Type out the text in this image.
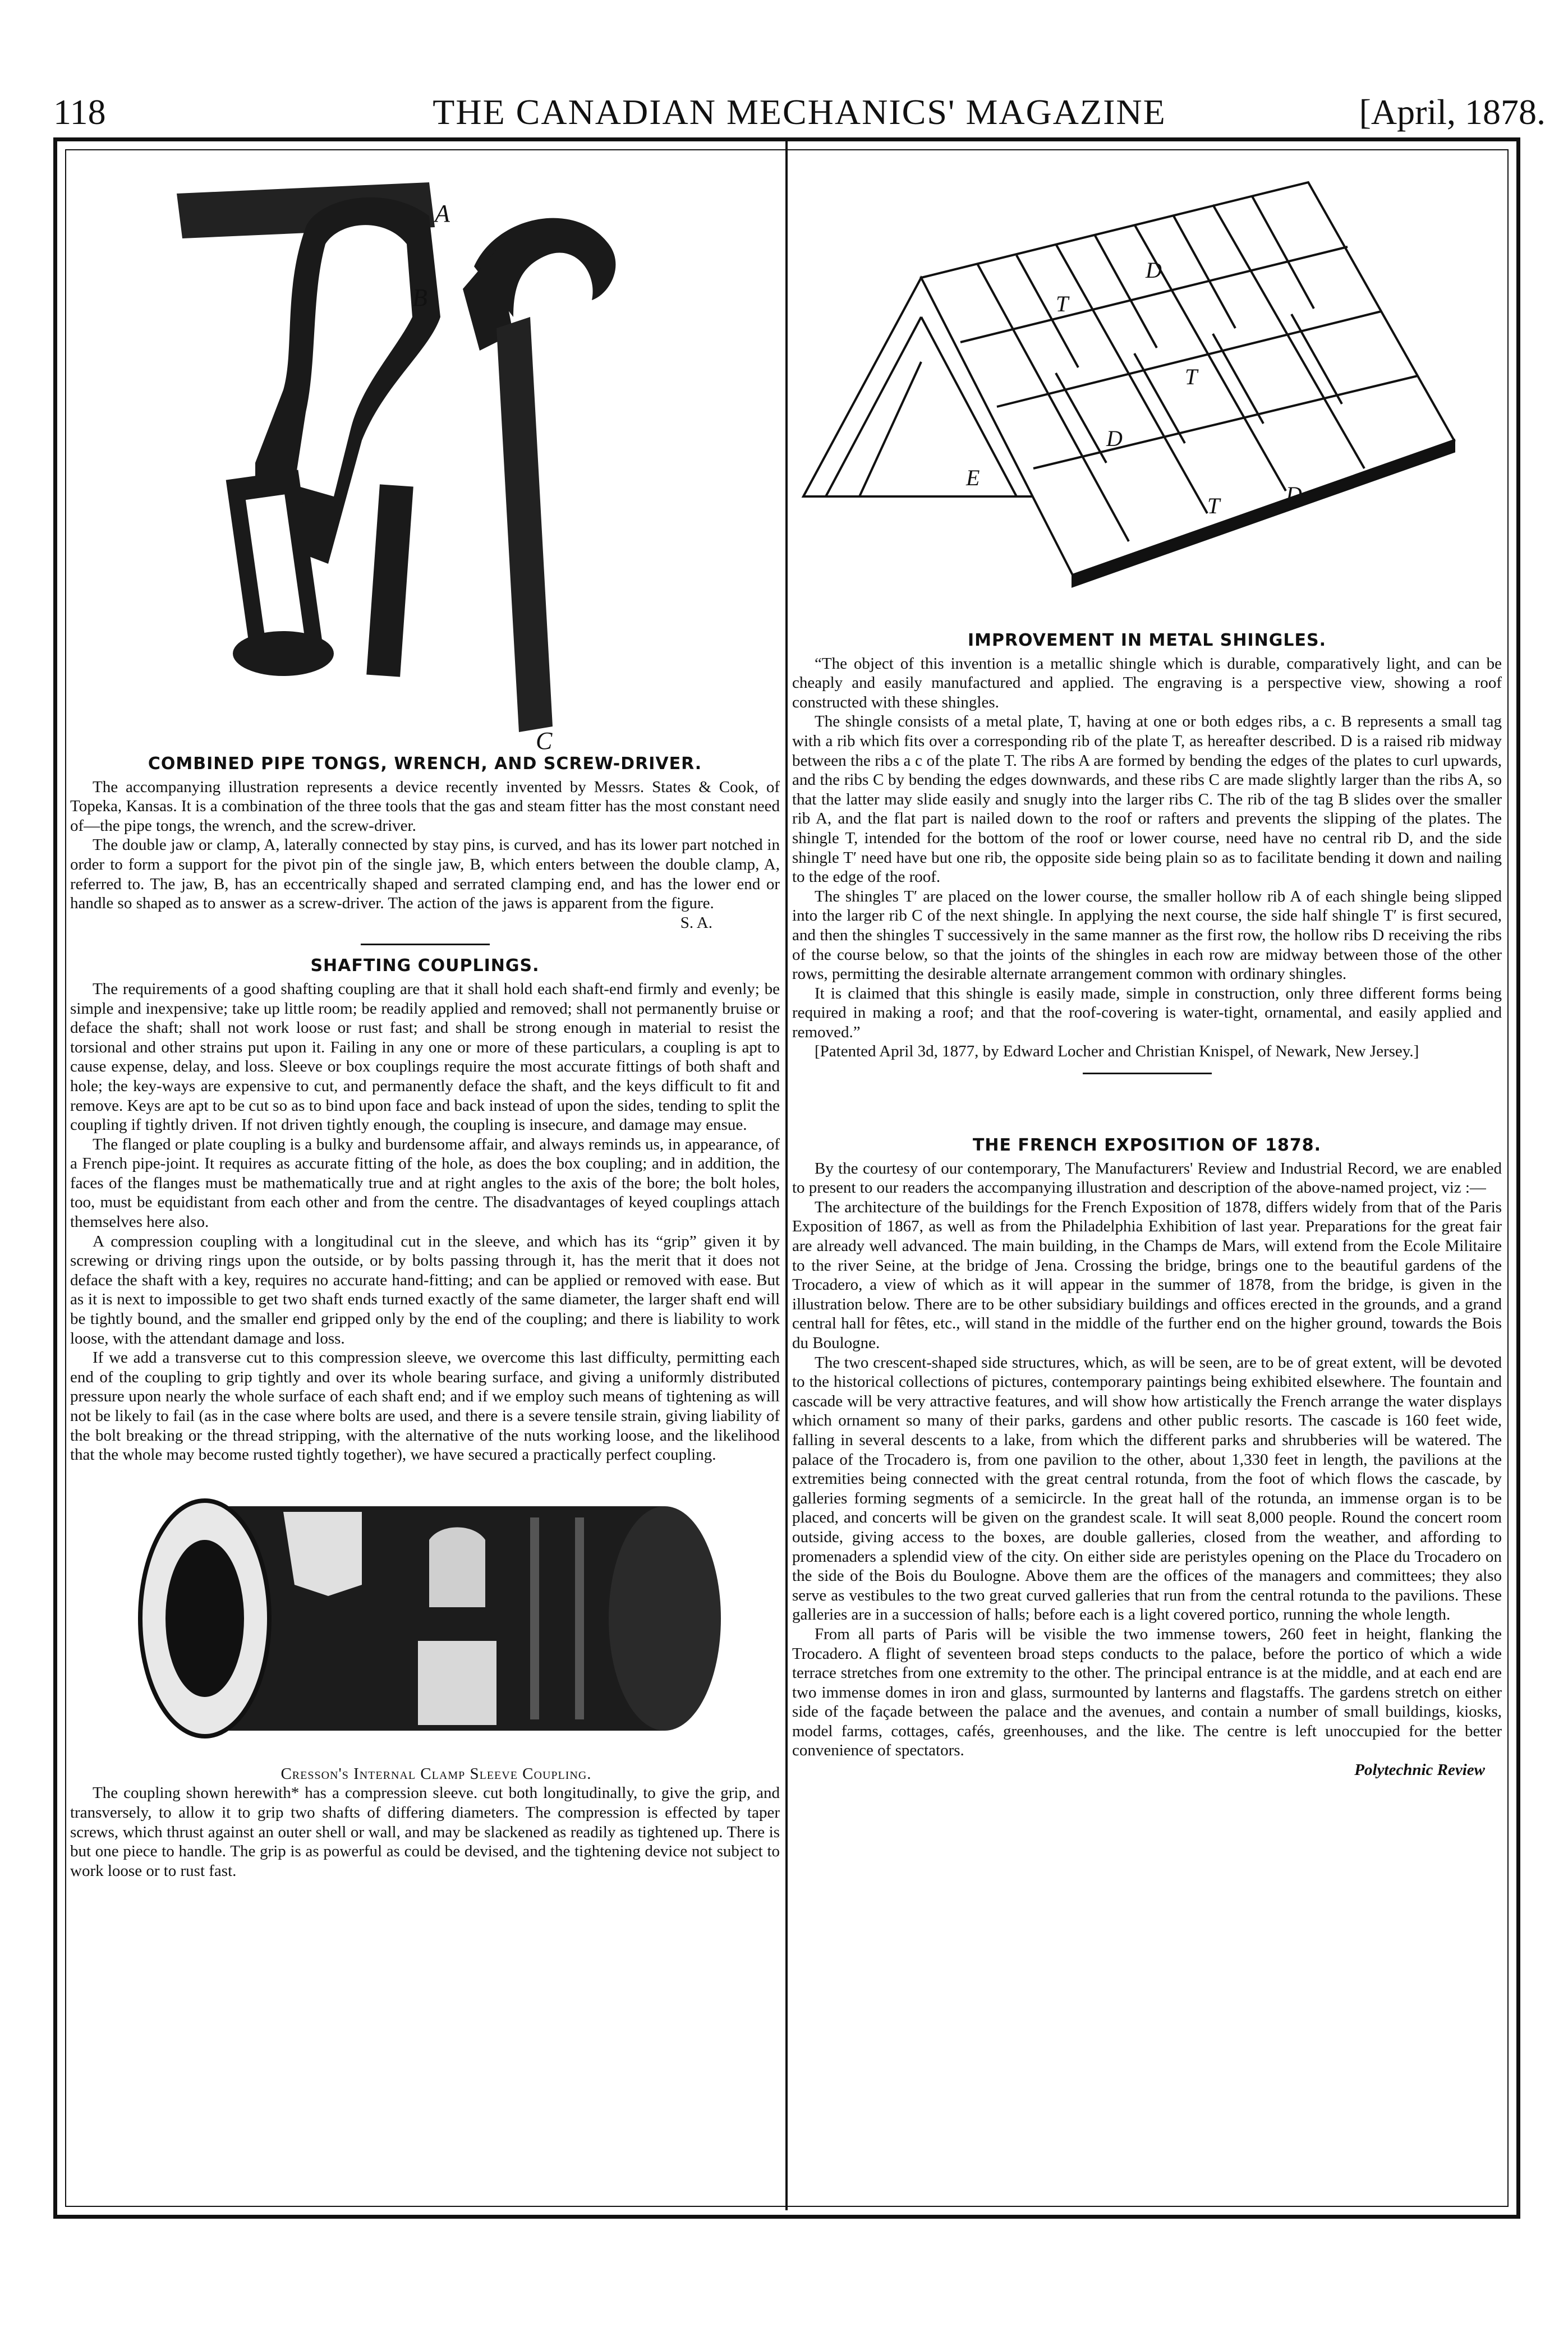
118	THE CANADIAN MECHANICS' MAGAZINE	[April, 1878.
A
B
C
COMBINED PIPE TONGS, WRENCH, AND SCREW-DRIVER.

The accompanying illustration represents a device recently invented by Messrs. States & Cook, of Topeka, Kansas. It is a combination of the three tools that the gas and steam fitter has the most constant need of—the pipe tongs, the wrench, and the screw-driver.

The double jaw or clamp, A, laterally connected by stay pins, is curved, and has its lower part notched in order to form a support for the pivot pin of the single jaw, B, which enters between the double clamp, A, referred to. The jaw, B, has an eccentrically shaped and serrated clamping end, and has the lower end or handle so shaped as to answer as a screw-driver. The action of the jaws is apparent from the figure.

S. A.

SHAFTING COUPLINGS.

The requirements of a good shafting coupling are that it shall hold each shaft-end firmly and evenly; be simple and inexpensive; take up little room; be readily applied and removed; shall not permanently bruise or deface the shaft; shall not work loose or rust fast; and shall be strong enough in material to resist the torsional and other strains put upon it. Failing in any one or more of these particulars, a coupling is apt to cause expense, delay, and loss. Sleeve or box couplings require the most accurate fittings of both shaft and hole; the key-ways are expensive to cut, and permanently deface the shaft, and the keys difficult to fit and remove. Keys are apt to be cut so as to bind upon face and back instead of upon the sides, tending to split the coupling if tightly driven. If not driven tightly enough, the coupling is insecure, and damage may ensue.

The flanged or plate coupling is a bulky and burdensome affair, and always reminds us, in appearance, of a French pipe-joint. It requires as accurate fitting of the hole, as does the box coupling; and in addition, the faces of the flanges must be mathematically true and at right angles to the axis of the bore; the bolt holes, too, must be equidistant from each other and from the centre. The disadvantages of keyed couplings attach themselves here also.

A compression coupling with a longitudinal cut in the sleeve, and which has its “grip” given it by screwing or driving rings upon the outside, or by bolts passing through it, has the merit that it does not deface the shaft with a key, requires no accurate hand-fitting; and can be applied or removed with ease. But as it is next to impossible to get two shaft ends turned exactly of the same diameter, the larger shaft end will be tightly bound, and the smaller end gripped only by the end of the coupling; and there is liability to work loose, with the attendant damage and loss.

If we add a transverse cut to this compression sleeve, we overcome this last difficulty, permitting each end of the coupling to grip tightly and over its whole bearing surface, and giving a uniformly distributed pressure upon nearly the whole surface of each shaft end; and if we employ such means of tightening as will not be likely to fail (as in the case where bolts are used, and there is a severe tensile strain, giving liability of the bolt breaking or the thread stripping, with the alternative of the nuts working loose, and the likelihood that the whole may become rusted tightly together), we have secured a practically perfect coupling.

Cresson's Internal Clamp Sleeve Coupling.

The coupling shown herewith* has a compression sleeve. cut both longitudinally, to give the grip, and transversely, to allow it to grip two shafts of differing diameters. The compression is effected by taper screws, which thrust against an outer shell or wall, and may be slackened as readily as tightened up. There is but one piece to handle. The grip is as powerful as could be devised, and the tightening device not subject to work loose or to rust fast.

D
T
T
D
E
T	D
IMPROVEMENT IN METAL SHINGLES.

“The object of this invention is a metallic shingle which is durable, comparatively light, and can be cheaply and easily manufactured and applied. The engraving is a perspective view, showing a roof constructed with these shingles.

The shingle consists of a metal plate, T, having at one or both edges ribs, a c. B represents a small tag with a rib which fits over a corresponding rib of the plate T, as hereafter described. D is a raised rib midway between the ribs a c of the plate T. The ribs A are formed by bending the edges of the plates to curl upwards, and the ribs C by bending the edges downwards, and these ribs C are made slightly larger than the ribs A, so that the latter may slide easily and snugly into the larger ribs C. The rib of the tag B slides over the smaller rib A, and the flat part is nailed down to the roof or rafters and prevents the slipping of the plates. The shingle T, intended for the bottom of the roof or lower course, need have no central rib D, and the side shingle T′ need have but one rib, the opposite side being plain so as to facilitate bending it down and nailing to the edge of the roof.

The shingles T′ are placed on the lower course, the smaller hollow rib A of each shingle being slipped into the larger rib C of the next shingle. In applying the next course, the side half shingle T′ is first secured, and then the shingles T successively in the same manner as the first row, the hollow ribs D receiving the ribs of the course below, so that the joints of the shingles in each row are midway between those of the other rows, permitting the desirable alternate arrangement common with ordinary shingles.

It is claimed that this shingle is easily made, simple in construction, only three different forms being required in making a roof; and that the roof-covering is water-tight, ornamental, and easily applied and removed.”

[Patented April 3d, 1877, by Edward Locher and Christian Knispel, of Newark, New Jersey.]

THE FRENCH EXPOSITION OF 1878.

By the courtesy of our contemporary, The Manufacturers' Review and Industrial Record, we are enabled to present to our readers the accompanying illustration and description of the above-named project, viz :—

The architecture of the buildings for the French Exposition of 1878, differs widely from that of the Paris Exposition of 1867, as well as from the Philadelphia Exhibition of last year. Preparations for the great fair are already well advanced. The main building, in the Champs de Mars, will extend from the Ecole Militaire to the river Seine, at the bridge of Jena. Crossing the bridge, brings one to the beautiful gardens of the Trocadero, a view of which as it will appear in the summer of 1878, from the bridge, is given in the illustration below. There are to be other subsidiary buildings and offices erected in the grounds, and a grand central hall for fêtes, etc., will stand in the middle of the further end on the higher ground, towards the Bois du Boulogne.

The two crescent-shaped side structures, which, as will be seen, are to be of great extent, will be devoted to the historical collections of pictures, contemporary paintings being exhibited elsewhere. The fountain and cascade will be very attractive features, and will show how artistically the French arrange the water displays which ornament so many of their parks, gardens and other public resorts. The cascade is 160 feet wide, falling in several descents to a lake, from which the different parks and shrubberies will be watered. The palace of the Trocadero is, from one pavilion to the other, about 1,330 feet in length, the pavilions at the extremities being connected with the great central rotunda, from the foot of which flows the cascade, by galleries forming segments of a semicircle. In the great hall of the rotunda, an immense organ is to be placed, and concerts will be given on the grandest scale. It will seat 8,000 people. Round the concert room outside, giving access to the boxes, are double galleries, closed from the weather, and affording to promenaders a splendid view of the city. On either side are peristyles opening on the Place du Trocadero on the side of the Bois du Boulogne. Above them are the offices of the managers and committees; they also serve as vestibules to the two great curved galleries that run from the central rotunda to the pavilions. These galleries are in a succession of halls; before each is a light covered portico, running the whole length.

From all parts of Paris will be visible the two immense towers, 260 feet in height, flanking the Trocadero. A flight of seventeen broad steps conducts to the palace, before the portico of which a wide terrace stretches from one extremity to the other. The principal entrance is at the middle, and at each end are two immense domes in iron and glass, surmounted by lanterns and flagstaffs. The gardens stretch on either side of the façade between the palace and the avenues, and contain a number of small buildings, kiosks, model farms, cottages, cafés, greenhouses, and the like. The centre is left unoccupied for the better convenience of spectators.

Polytechnic Review
